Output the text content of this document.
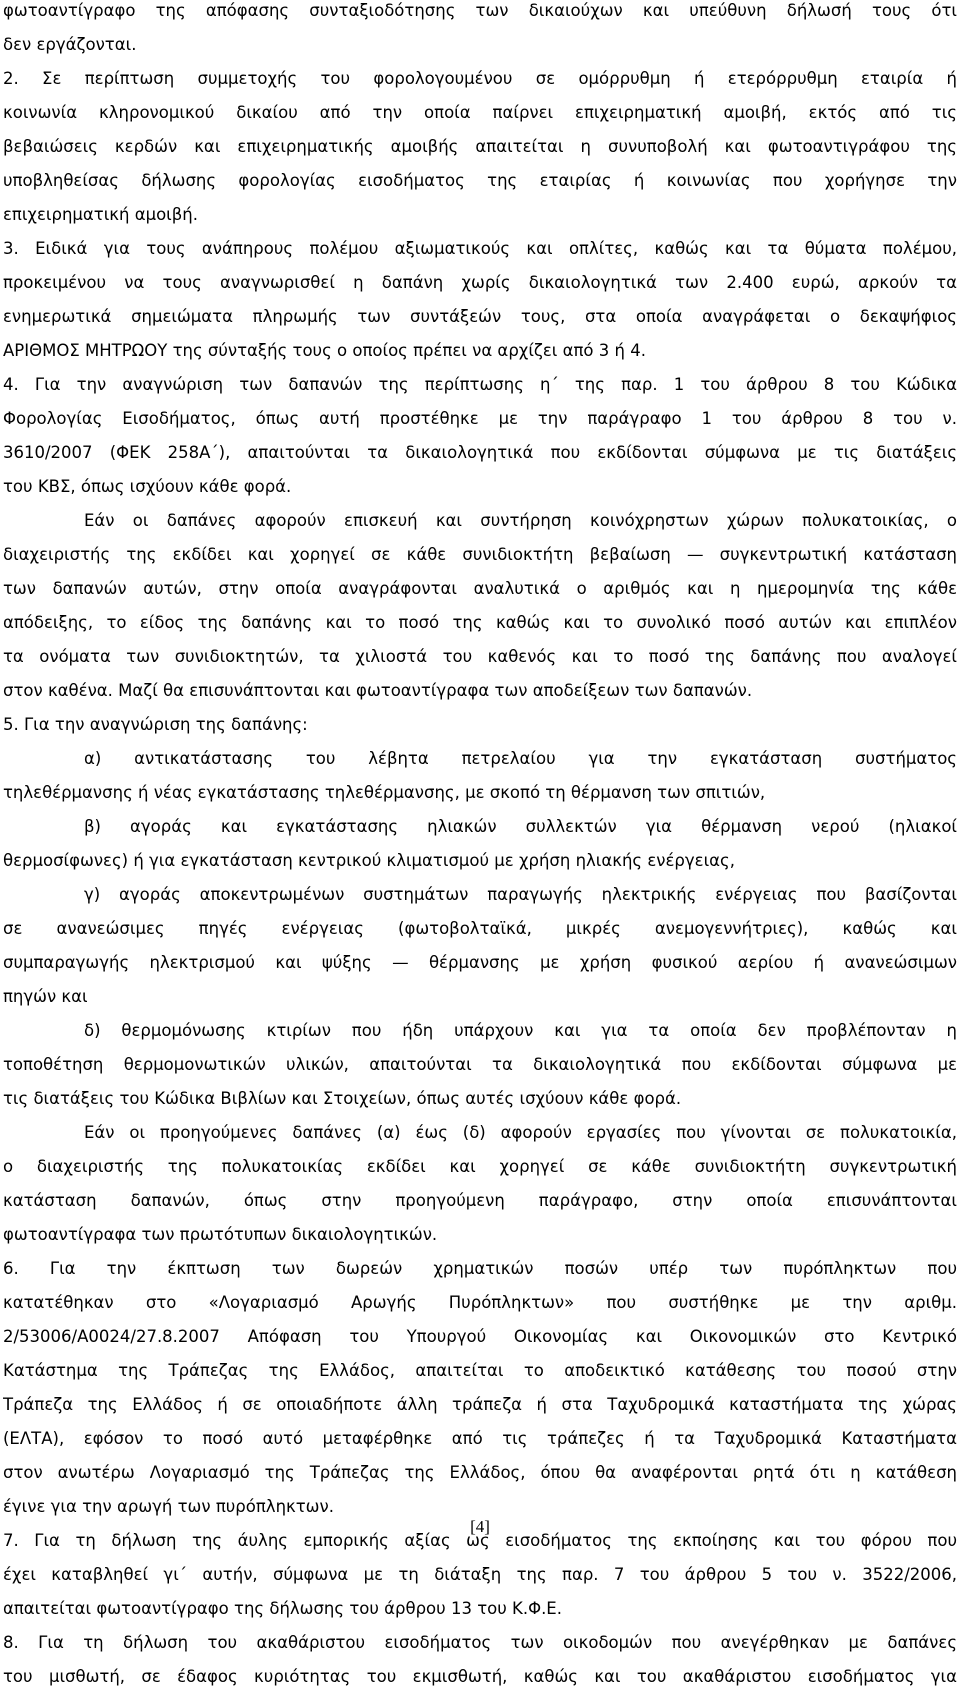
φωτοαντίγραφο της απόφασης συνταξιοδότησης των δικαιούχων και υπεύθυνη δήλωσή τους ότι
δεν εργάζονται.
2. Σε περίπτωση συμμετοχής του φορολογουμένου σε ομόρρυθμη ή ετερόρρυθμη εταιρία ή
κοινωνία κληρονομικού δικαίου από την οποία παίρνει επιχειρηματική αμοιβή, εκτός από τις
βεβαιώσεις κερδών και επιχειρηματικής αμοιβής απαιτείται η συνυποβολή και φωτοαντιγράφου της
υποβληθείσας δήλωσης φορολογίας εισοδήματος της εταιρίας ή κοινωνίας που χορήγησε την
επιχειρηματική αμοιβή.
3. Ειδικά για τους ανάπηρους πολέμου αξιωματικούς και οπλίτες, καθώς και τα θύματα πολέμου,
προκειμένου να τους αναγνωρισθεί η δαπάνη χωρίς δικαιολογητικά των 2.400 ευρώ, αρκούν τα
ενημερωτικά σημειώματα πληρωμής των συντάξεών τους, στα οποία αναγράφεται ο δεκαψήφιος
ΑΡΙΘΜΟΣ ΜΗΤΡΩΟΥ της σύνταξής τους ο οποίος πρέπει να αρχίζει από 3 ή 4.
4. Για την αναγνώριση των δαπανών της περίπτωσης η΄ της παρ. 1 του άρθρου 8 του Κώδικα
Φορολογίας Εισοδήματος, όπως αυτή προστέθηκε με την παράγραφο 1 του άρθρου 8 του ν.
3610/2007 (ΦΕΚ 258Α΄), απαιτούνται τα δικαιολογητικά που εκδίδονται σύμφωνα με τις διατάξεις
του ΚΒΣ, όπως ισχύουν κάθε φορά.
Εάν οι δαπάνες αφορούν επισκευή και συντήρηση κοινόχρηστων χώρων πολυκατοικίας, ο
διαχειριστής της εκδίδει και χορηγεί σε κάθε συνιδιοκτήτη βεβαίωση — συγκεντρωτική κατάσταση
των δαπανών αυτών, στην οποία αναγράφονται αναλυτικά ο αριθμός και η ημερομηνία της κάθε
απόδειξης, το είδος της δαπάνης και το ποσό της καθώς και το συνολικό ποσό αυτών και επιπλέον
τα ονόματα των συνιδιοκτητών, τα χιλιοστά του καθενός και το ποσό της δαπάνης που αναλογεί
στον καθένα. Μαζί θα επισυνάπτονται και φωτοαντίγραφα των αποδείξεων των δαπανών.
5. Για την αναγνώριση της δαπάνης:
α) αντικατάστασης του λέβητα πετρελαίου για την εγκατάσταση συστήματος
τηλεθέρμανσης ή νέας εγκατάστασης τηλεθέρμανσης, με σκοπό τη θέρμανση των σπιτιών,
β) αγοράς και εγκατάστασης ηλιακών συλλεκτών για θέρμανση νερού (ηλιακοί
θερμοσίφωνες) ή για εγκατάσταση κεντρικού κλιματισμού με χρήση ηλιακής ενέργειας,
γ) αγοράς αποκεντρωμένων συστημάτων παραγωγής ηλεκτρικής ενέργειας που βασίζονται
σε ανανεώσιμες πηγές ενέργειας (φωτοβολταϊκά, μικρές ανεμογεννήτριες), καθώς και
συμπαραγωγής ηλεκτρισμού και ψύξης — θέρμανσης με χρήση φυσικού αερίου ή ανανεώσιμων
πηγών και
δ) θερμομόνωσης κτιρίων που ήδη υπάρχουν και για τα οποία δεν προβλέπονταν η
τοποθέτηση θερμομονωτικών υλικών, απαιτούνται τα δικαιολογητικά που εκδίδονται σύμφωνα με
τις διατάξεις του Κώδικα Βιβλίων και Στοιχείων, όπως αυτές ισχύουν κάθε φορά.
Εάν οι προηγούμενες δαπάνες (α) έως (δ) αφορούν εργασίες που γίνονται σε πολυκατοικία,
ο διαχειριστής της πολυκατοικίας εκδίδει και χορηγεί σε κάθε συνιδιοκτήτη συγκεντρωτική
κατάσταση δαπανών, όπως στην προηγούμενη παράγραφο, στην οποία επισυνάπτονται
φωτοαντίγραφα των πρωτότυπων δικαιολογητικών.
6. Για την έκπτωση των δωρεών χρηματικών ποσών υπέρ των πυρόπληκτων που
κατατέθηκαν στο «Λογαριασμό Αρωγής Πυρόπληκτων» που συστήθηκε με την αριθμ.
2/53006/Α0024/27.8.2007 Απόφαση του Υπουργού Οικονομίας και Οικονομικών στο Κεντρικό
Κατάστημα της Τράπεζας της Ελλάδος, απαιτείται το αποδεικτικό κατάθεσης του ποσού στην
Τράπεζα της Ελλάδος ή σε οποιαδήποτε άλλη τράπεζα ή στα Ταχυδρομικά καταστήματα της χώρας
(ΕΛΤΑ), εφόσον το ποσό αυτό μεταφέρθηκε από τις τράπεζες ή τα Ταχυδρομικά Καταστήματα
στον ανωτέρω Λογαριασμό της Τράπεζας της Ελλάδος, όπου θα αναφέρονται ρητά ότι η κατάθεση
έγινε για την αρωγή των πυρόπληκτων.
7. Για τη δήλωση της άυλης εμπορικής αξίας ως εισοδήματος της εκποίησης και του φόρου που
έχει καταβληθεί γι΄ αυτήν, σύμφωνα με τη διάταξη της παρ. 7 του άρθρου 5 του ν. 3522/2006,
απαιτείται φωτοαντίγραφο της δήλωσης του άρθρου 13 του Κ.Φ.Ε.
8. Για τη δήλωση του ακαθάριστου εισοδήματος των οικοδομών που ανεγέρθηκαν με δαπάνες
του μισθωτή, σε έδαφος κυριότητας του εκμισθωτή, καθώς και του ακαθάριστου εισοδήματος για
[4]
